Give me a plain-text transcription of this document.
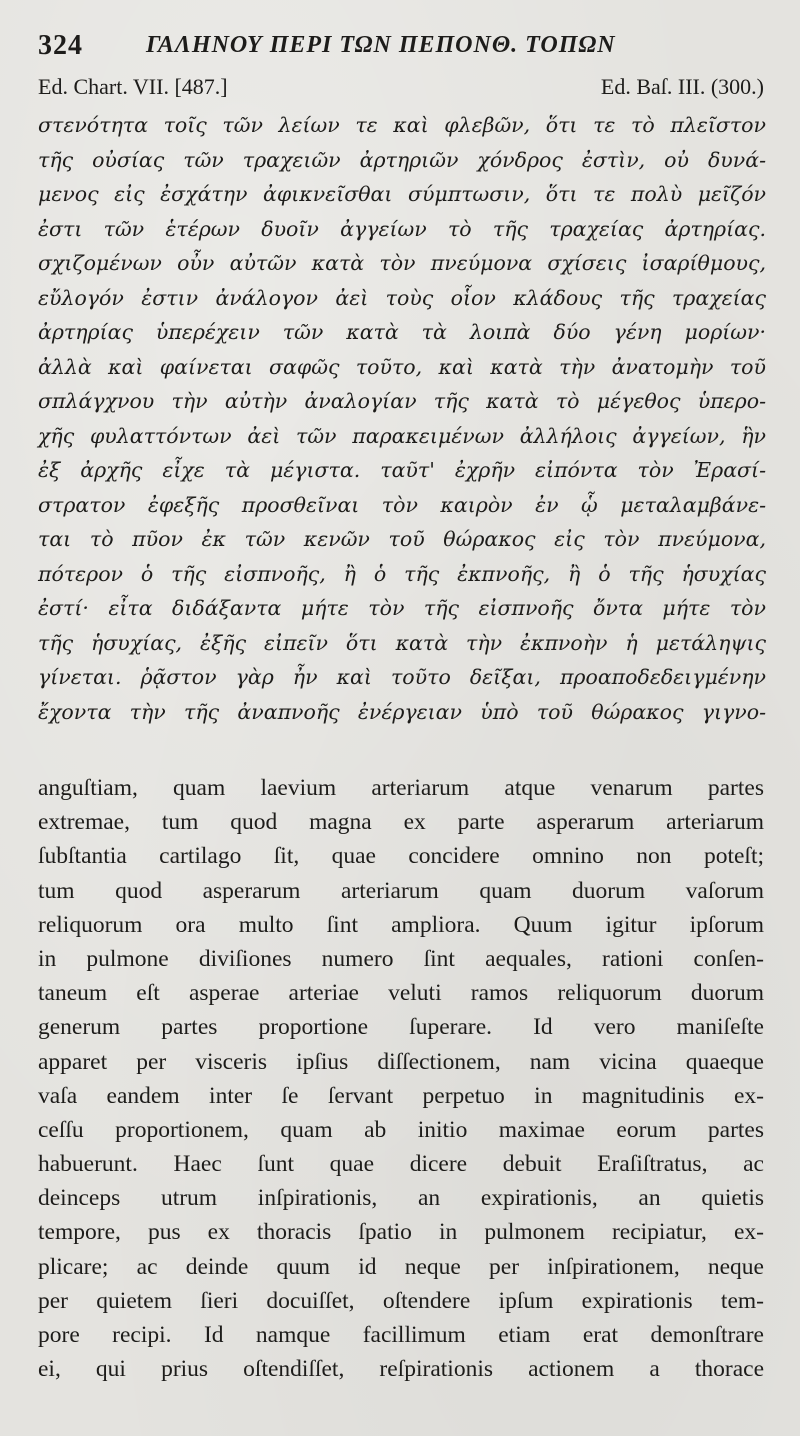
324	ΓΑΛΗΝΟΥ ΠΕΡΙ ΤΩΝ ΠΕΠΟΝΘ. ΤΟΠΩΝ
Ed. Chart. VII. [487.]	Ed. Baſ. III. (300.)
στενότητα τοῖς τῶν λείων τε καὶ φλεβῶν, ὅτι τε τὸ πλεῖστον
τῆς οὐσίας τῶν τραχειῶν ἀρτηριῶν χόνδρος ἐστὶν, οὐ δυνά-
μενος εἰς ἐσχάτην ἀφικνεῖσθαι σύμπτωσιν, ὅτι τε πολὺ μεῖζόν
ἐστι τῶν ἑτέρων δυοῖν ἀγγείων τὸ τῆς τραχείας ἀρτηρίας.
σχιζομένων οὖν αὐτῶν κατὰ τὸν πνεύμονα σχίσεις ἰσαρίθμους,
εὔλογόν ἐστιν ἀνάλογον ἀεὶ τοὺς οἷον κλάδους τῆς τραχείας
ἀρτηρίας ὑπερέχειν τῶν κατὰ τὰ λοιπὰ δύο γένη μορίων·
ἀλλὰ καὶ φαίνεται σαφῶς τοῦτο, καὶ κατὰ τὴν ἀνατομὴν τοῦ
σπλάγχνου τὴν αὐτὴν ἀναλογίαν τῆς κατὰ τὸ μέγεθος ὑπερο-
χῆς φυλαττόντων ἀεὶ τῶν παρακειμένων ἀλλήλοις ἀγγείων, ἣν
ἐξ ἀρχῆς εἶχε τὰ μέγιστα. ταῦτ' ἐχρῆν εἰπόντα τὸν Ἐρασί-
στρατον ἐφεξῆς προσθεῖναι τὸν καιρὸν ἐν ᾧ μεταλαμβάνε-
ται τὸ πῦον ἐκ τῶν κενῶν τοῦ θώρακος εἰς τὸν πνεύμονα,
πότερον ὁ τῆς εἰσπνοῆς, ἢ ὁ τῆς ἐκπνοῆς, ἢ ὁ τῆς ἡσυχίας
ἐστί· εἶτα διδάξαντα μήτε τὸν τῆς εἰσπνοῆς ὄντα μήτε τὸν
τῆς ἡσυχίας, ἐξῆς εἰπεῖν ὅτι κατὰ τὴν ἐκπνοὴν ἡ μετάληψις
γίνεται. ῥᾷστον γὰρ ἦν καὶ τοῦτο δεῖξαι, προαποδεδειγμένην
ἔχοντα τὴν τῆς ἀναπνοῆς ἐνέργειαν ὑπὸ τοῦ θώρακος γιγνο-
anguſtiam, quam laevium arteriarum atque venarum partes
extremae, tum quod magna ex parte asperarum arteriarum
ſubſtantia cartilago ſit, quae concidere omnino non poteſt;
tum quod asperarum arteriarum quam duorum vaſorum
reliquorum ora multo ſint ampliora. Quum igitur ipſorum
in pulmone diviſiones numero ſint aequales, rationi conſen-
taneum eſt asperae arteriae veluti ramos reliquorum duorum
generum partes proportione ſuperare. Id vero maniſeſte
apparet per visceris ipſius diſſectionem, nam vicina quaeque
vaſa eandem inter ſe ſervant perpetuo in magnitudinis ex-
ceſſu proportionem, quam ab initio maximae eorum partes
habuerunt. Haec ſunt quae dicere debuit Eraſiſtratus, ac
deinceps utrum inſpirationis, an expirationis, an quietis
tempore, pus ex thoracis ſpatio in pulmonem recipiatur, ex-
plicare; ac deinde quum id neque per inſpirationem, neque
per quietem ſieri docuiſſet, oſtendere ipſum expirationis tem-
pore recipi. Id namque facillimum etiam erat demonſtrare
ei, qui prius oſtendiſſet, reſpirationis actionem a thorace
